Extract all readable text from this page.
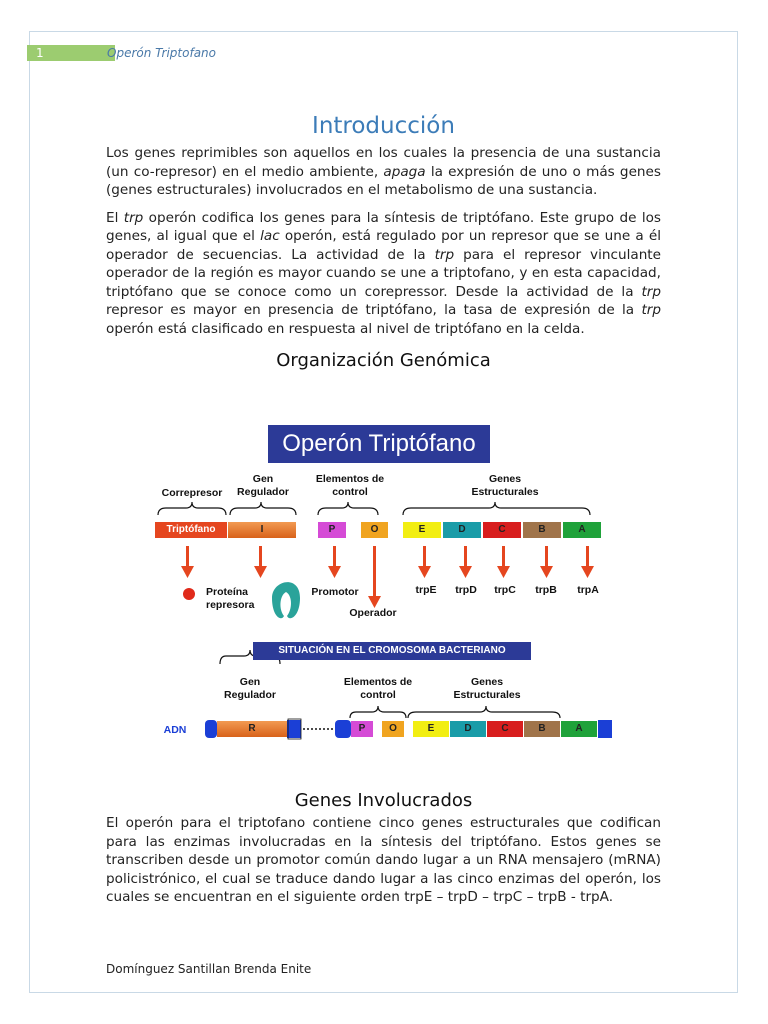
1	Operón Triptofano
Introducción

Los genes reprimibles son aquellos en los cuales la presencia de una sustancia (un co-represor) en el medio ambiente, apaga la expresión de uno o más genes (genes estructurales) involucrados en el metabolismo de una sustancia.

El trp operón codifica los genes para la síntesis de triptófano. Este grupo de los genes, al igual que el lac operón, está regulado por un represor que se une a él operador de secuencias. La actividad de la trp para el represor vinculante operador de la región es mayor cuando se une a triptofano, y en esta capacidad, triptófano que se conoce como un corepressor. Desde la actividad de la trp represor es mayor en presencia de triptófano, la tasa de expresión de la trp operón está clasificado en respuesta al nivel de triptófano en la celda.

Organización Genómica
Operón Triptófano
Correpresor
Gen Regulador
Elementos de control
Genes Estructurales
Triptófano	I	P	O	E	D	C	B	A
Proteína represora
Promotor
Operador
trpE	trpD	trpC	trpB	trpA
SITUACIÓN EN EL CROMOSOMA BACTERIANO
Gen Regulador
Elementos de control
Genes Estructurales
ADN	R	P	O	E	D	C	B	A
Genes Involucrados

El operón para el triptofano contiene cinco genes estructurales que codifican para las enzimas involucradas en la síntesis del triptófano. Estos genes se transcriben desde un promotor común dando lugar a un RNA mensajero (mRNA) policistrónico, el cual se traduce dando lugar a las cinco enzimas del operón, los cuales se encuentran en el siguiente orden trpE – trpD – trpC – trpB - trpA.

Domínguez Santillan Brenda Enite
